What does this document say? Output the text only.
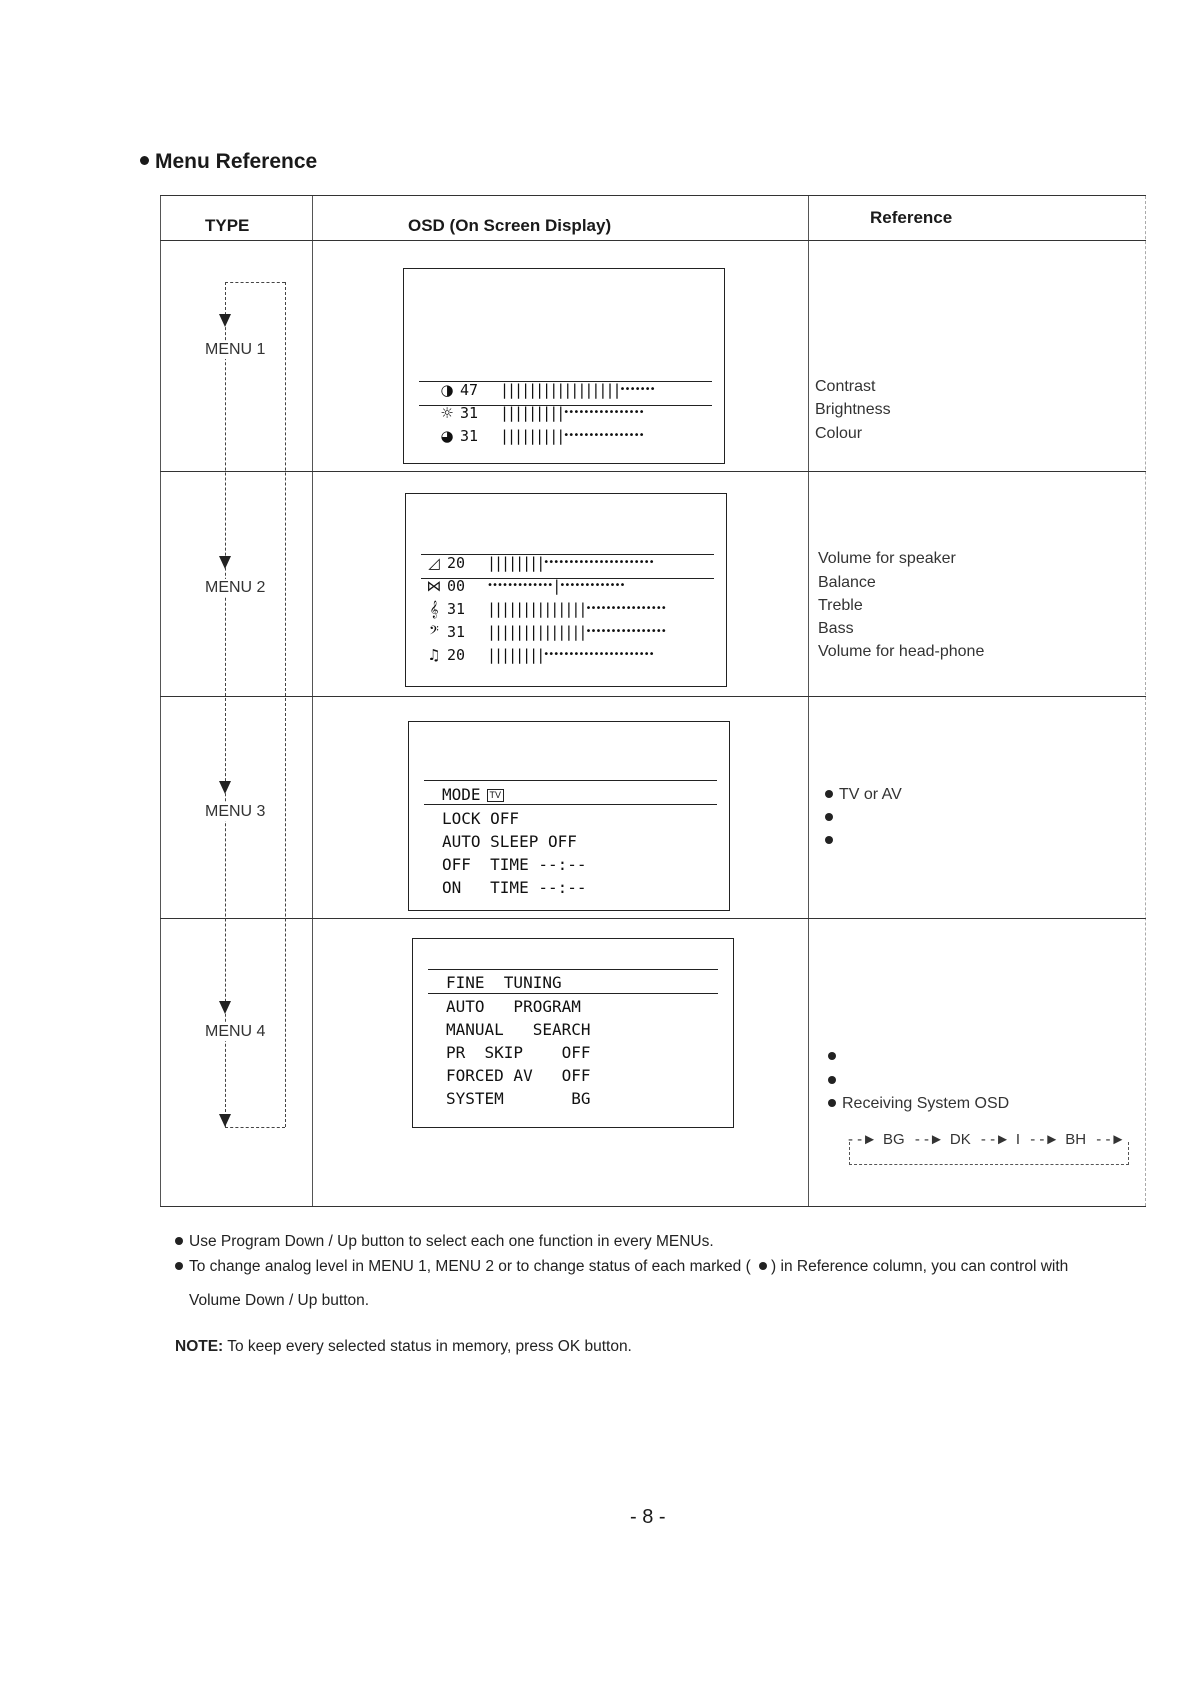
Menu Reference
TYPE	OSD (On Screen Display)	Reference
MENU 1
MENU 2
MENU 3
MENU 4
◑ 47 |||||||||||||||||•••••••
☼ 31 |||||||||••••••••••••••••
◕ 31 |||||||||••••••••••••••••
◿ 20 ||||||||••••••••••••••••••••••
⋈ 00 •••••••••••••|•••••••••••••
𝄞 31 ||||||||||||||••••••••••••••••
𝄢 31 ||||||||||||||••••••••••••••••
♫ 20 ||||||||••••••••••••••••••••••
MODE TV
LOCK OFF
AUTO SLEEP OFF
OFF  TIME --:--
ON   TIME --:--
FINE  TUNING
AUTO   PROGRAM
MANUAL   SEARCH
PR  SKIP    OFF
FORCED AV   OFF
SYSTEM       BG
Contrast
Brightness
Colour
Volume for speaker
Balance
Treble
Bass
Volume for head-phone
TV or AV
Receiving System OSD
- -► BG - -► DK - -► I - -► BH - -►
Use Program Down / Up button to select each one function in every MENUs.
To change analog level in MENU 1, MENU 2 or to change status of each marked ( ) in Reference column, you can control with
Volume Down / Up button.
NOTE: To keep every selected status in memory, press OK button.
- 8 -
